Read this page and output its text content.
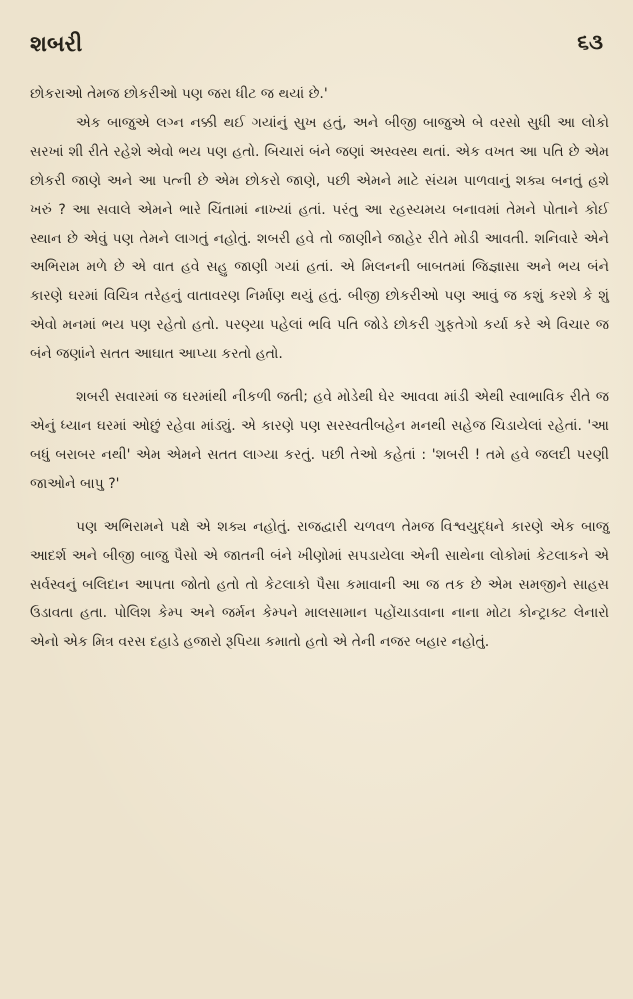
શબરી	૬૩

છોકરાઓ તેમજ છોકરીઓ પણ જરા ધીટ જ થયાં છે.'

એક બાજુએ લગ્ન નક્કી થઈ ગયાંનું સુખ હતું, અને બીજી બાજુએ બે વરસો સુધી આ લોકો સરખાં શી રીતે રહેશે એવો ભય પણ હતો. બિચારાં બંને જણાં અસ્વસ્થ થતાં. એક વખત આ પતિ છે એમ છોકરી જાણે અને આ પત્ની છે એમ છોકરો જાણે, પછી એમને માટે સંયમ પાળવાનું શક્ય બનતું હશે ખરું ? આ સવાલે એમને ભારે ચિંતામાં નાખ્યાં હતાં. પરંતુ આ રહસ્યમય બનાવમાં તેમને પોતાને કોઈ સ્થાન છે એવું પણ તેમને લાગતું નહોતું. શબરી હવે તો જાણીને જાહેર રીતે મોડી આવતી. શનિવારે એને અભિરામ મળે છે એ વાત હવે સહુ જાણી ગયાં હતાં. એ મિલનની બાબતમાં જિજ્ઞાસા અને ભય બંને કારણે ઘરમાં વિચિત્ર તરેહનું વાતાવરણ નિર્માણ થયું હતું. બીજી છોકરીઓ પણ આવું જ કશું કરશે કે શું એવો મનમાં ભય પણ રહેતો હતો. પરણ્યા પહેલાં ભવિ પતિ જોડે છોકરી ગુફતેગો કર્યા કરે એ વિચાર જ બંને જણાંને સતત આઘાત આપ્યા કરતો હતો.

શબરી સવારમાં જ ઘરમાંથી નીકળી જતી; હવે મોડેથી ઘેર આવવા માંડી એથી સ્વાભાવિક રીતે જ એનું ધ્યાન ઘરમાં ઓછું રહેવા માંડ્યું. એ કારણે પણ સરસ્વતીબહેન મનથી સહેજ ચિડાયેલાં રહેતાં. 'આ બધું બરાબર નથી' એમ એમને સતત લાગ્યા કરતું. પછી તેઓ કહેતાં : 'શબરી ! તમે હવે જલદી પરણી જાઓને બાપુ ?'

પણ અભિરામને પક્ષે એ શક્ય નહોતું. રાજદ્વારી ચળવળ તેમજ વિશ્વયુદ્ધને કારણે એક બાજુ આદર્શ અને બીજી બાજુ પૈસો એ જાતની બંને ખીણોમાં સપડાયેલા એની સાથેના લોકોમાં કેટલાકને એ સર્વસ્વનું બલિદાન આપતા જોતો હતો તો કેટલાકો પૈસા કમાવાની આ જ તક છે એમ સમજીને સાહસ ઉડાવતા હતા. પોલિશ કેમ્પ અને જર્મન કેમ્પને માલસામાન પહોંચાડવાના નાના મોટા કોન્ટ્રાક્ટ લેનારો એનો એક મિત્ર વરસ દહાડે હજારો રૂપિયા કમાતો હતો એ તેની નજર બહાર નહોતું.
